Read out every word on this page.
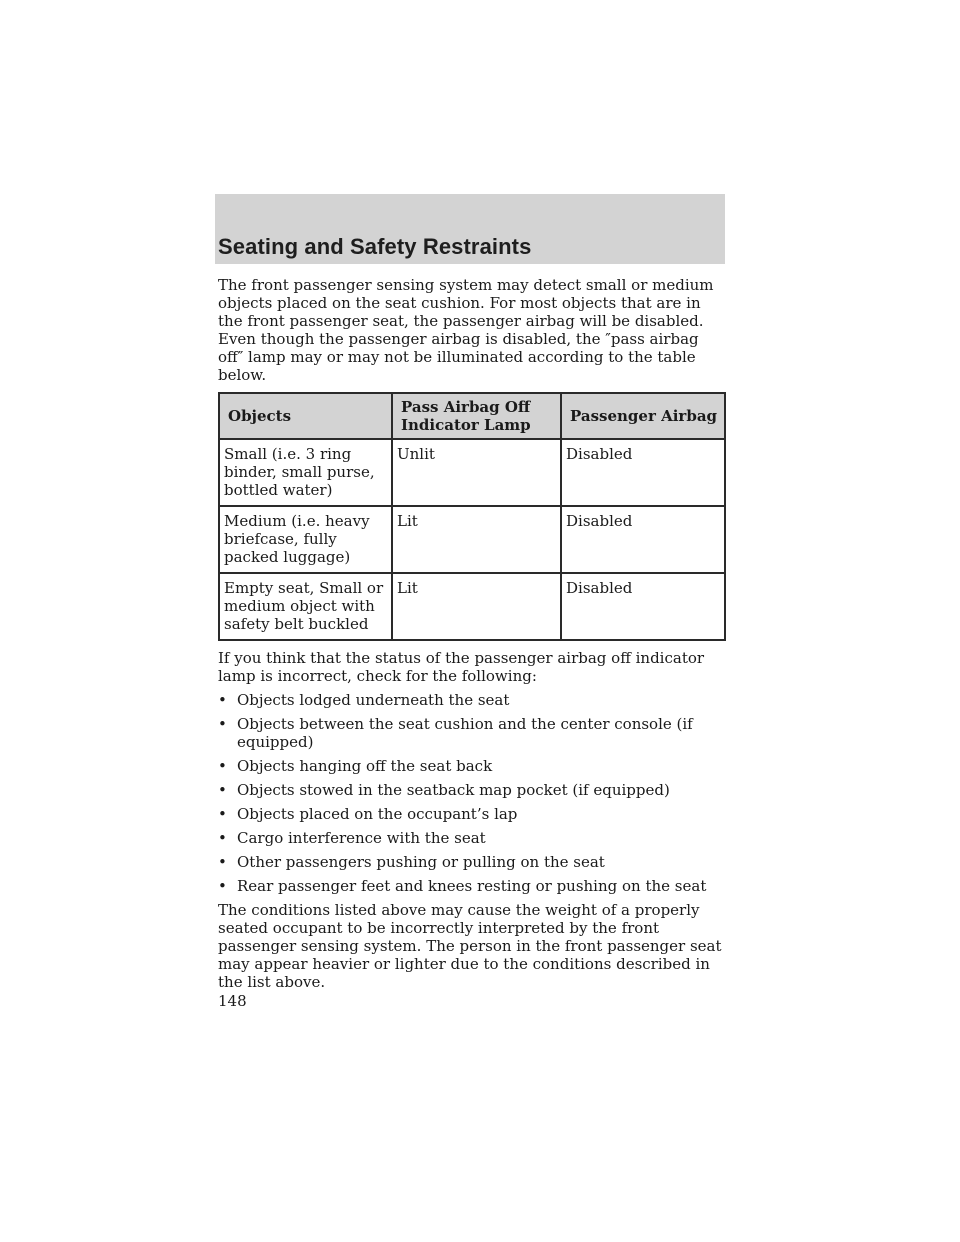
Seating and Safety Restraints

The front passenger sensing system may detect small or medium objects placed on the seat cushion. For most objects that are in the front passenger seat, the passenger airbag will be disabled. Even though the passenger airbag is disabled, the ″pass airbag off″ lamp may or may not be illuminated according to the table below.

Objects	Pass Airbag Off Indicator Lamp	Passenger Airbag
Small (i.e. 3 ring binder, small purse, bottled water)	Unlit	Disabled
Medium (i.e. heavy briefcase, fully packed luggage)	Lit	Disabled
Empty seat, Small or medium object with safety belt buckled	Lit	Disabled

If you think that the status of the passenger airbag off indicator lamp is incorrect, check for the following:

• Objects lodged underneath the seat
• Objects between the seat cushion and the center console (if equipped)
• Objects hanging off the seat back
• Objects stowed in the seatback map pocket (if equipped)
• Objects placed on the occupant’s lap
• Cargo interference with the seat
• Other passengers pushing or pulling on the seat
• Rear passenger feet and knees resting or pushing on the seat

The conditions listed above may cause the weight of a properly seated occupant to be incorrectly interpreted by the front passenger sensing system. The person in the front passenger seat may appear heavier or lighter due to the conditions described in the list above.

148
